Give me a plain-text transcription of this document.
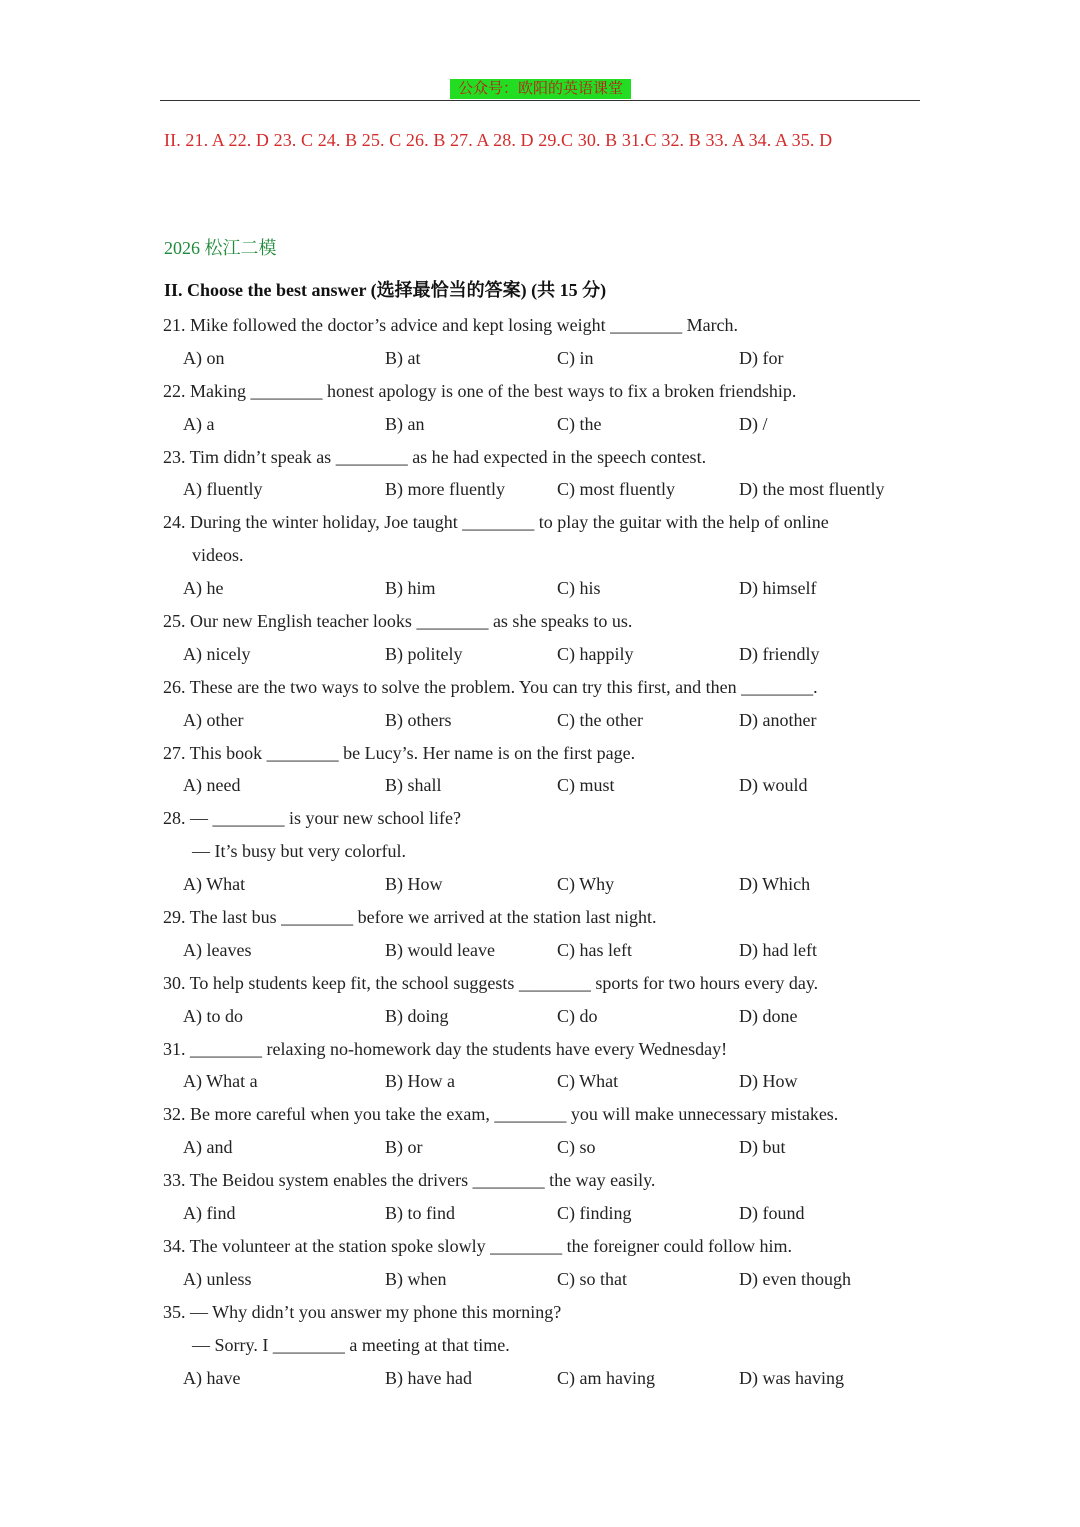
公众号：欧阳的英语课堂
II. 21. A 22. D 23. C 24. B 25. C 26. B 27. A 28. D 29.C 30. B 31.C 32. B 33. A 34. A 35. D
2026 松江二模
II. Choose the best answer (选择最恰当的答案) (共 15 分)
21. Mike followed the doctor’s advice and kept losing weight ________ March.
A) on	B) at	C) in	D) for
22. Making ________ honest apology is one of the best ways to fix a broken friendship.
A) a	B) an	C) the	D) /
23. Tim didn’t speak as ________ as he had expected in the speech contest.
A) fluently	B) more fluently	C) most fluently	D) the most fluently
24. During the winter holiday, Joe taught ________ to play the guitar with the help of online
videos.
A) he	B) him	C) his	D) himself
25. Our new English teacher looks ________ as she speaks to us.
A) nicely	B) politely	C) happily	D) friendly
26. These are the two ways to solve the problem. You can try this first, and then ________.
A) other	B) others	C) the other	D) another
27. This book ________ be Lucy’s. Her name is on the first page.
A) need	B) shall	C) must	D) would
28. — ________ is your new school life?
— It’s busy but very colorful.
A) What	B) How	C) Why	D) Which
29. The last bus ________ before we arrived at the station last night.
A) leaves	B) would leave	C) has left	D) had left
30. To help students keep fit, the school suggests ________ sports for two hours every day.
A) to do	B) doing	C) do	D) done
31. ________ relaxing no-homework day the students have every Wednesday!
A) What a	B) How a	C) What	D) How
32. Be more careful when you take the exam, ________ you will make unnecessary mistakes.
A) and	B) or	C) so	D) but
33. The Beidou system enables the drivers ________ the way easily.
A) find	B) to find	C) finding	D) found
34. The volunteer at the station spoke slowly ________ the foreigner could follow him.
A) unless	B) when	C) so that	D) even though
35. — Why didn’t you answer my phone this morning?
— Sorry. I ________ a meeting at that time.
A) have	B) have had	C) am having	D) was having
